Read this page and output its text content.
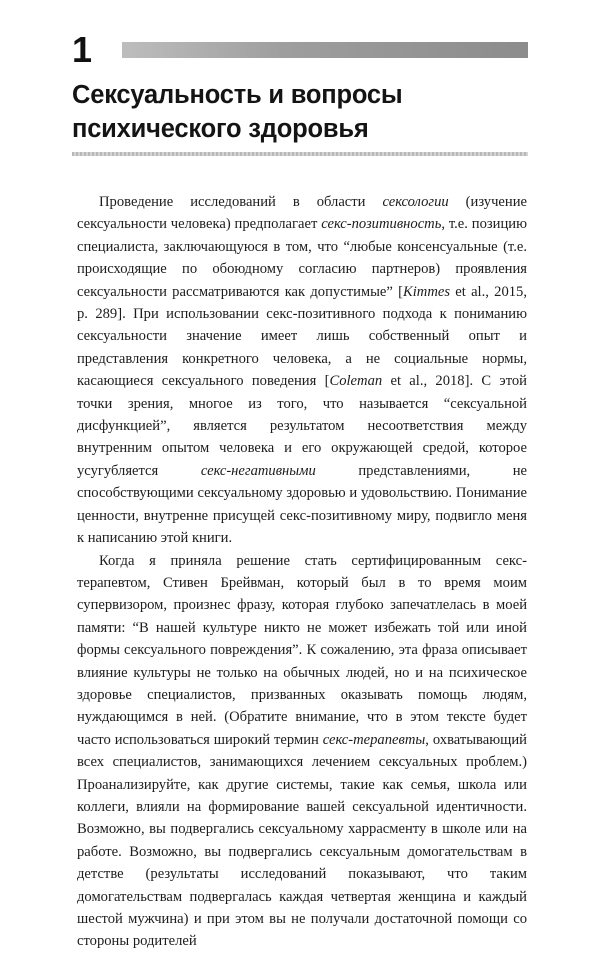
1
Сексуальность и вопросы
психического здоровья

Проведение исследований в области сексологии (изучение сексуальности человека) предполагает секс-позитивность, т.е. позицию специалиста, заключающуюся в том, что “любые консенсуальные (т.е. происходящие по обоюдному согласию партнеров) проявления сексуальности рассматриваются как допустимые” [Kimmes et al., 2015, p. 289]. При использовании секс-позитивного подхода к пониманию сексуальности значение имеет лишь собственный опыт и представления конкретного человека, а не социальные нормы, касающиеся сексуального поведения [Coleman et al., 2018]. С этой точки зрения, многое из того, что называется “сексуальной дисфункцией”, является результатом несоответствия между внутренним опытом человека и его окружающей средой, которое усугубляется секс-негативными представлениями, не способствующими сексуальному здоровью и удовольствию. Понимание ценности, внутренне присущей секс-позитивному миру, подвигло меня к написанию этой книги.

Когда я приняла решение стать сертифицированным секс-терапевтом, Стивен Брейвман, который был в то время моим супервизором, произнес фразу, которая глубоко запечатлелась в моей памяти: “В нашей культуре никто не может избежать той или иной формы сексуального повреждения”. К сожалению, эта фраза описывает влияние культуры не только на обычных людей, но и на психическое здоровье специалистов, призванных оказывать помощь людям, нуждающимся в ней. (Обратите внимание, что в этом тексте будет часто использоваться широкий термин секс-терапевты, охватывающий всех специалистов, занимающихся лечением сексуальных проблем.) Проанализируйте, как другие системы, такие как семья, школа или коллеги, влияли на формирование вашей сексуальной идентичности. Возможно, вы подвергались сексуальному харрасменту в школе или на работе. Возможно, вы подвергались сексуальным домогательствам в детстве (результаты исследований показывают, что таким домогательствам подвергалась каждая четвертая женщина и каждый шестой мужчина) и при этом вы не получали достаточной помощи со стороны родителей
